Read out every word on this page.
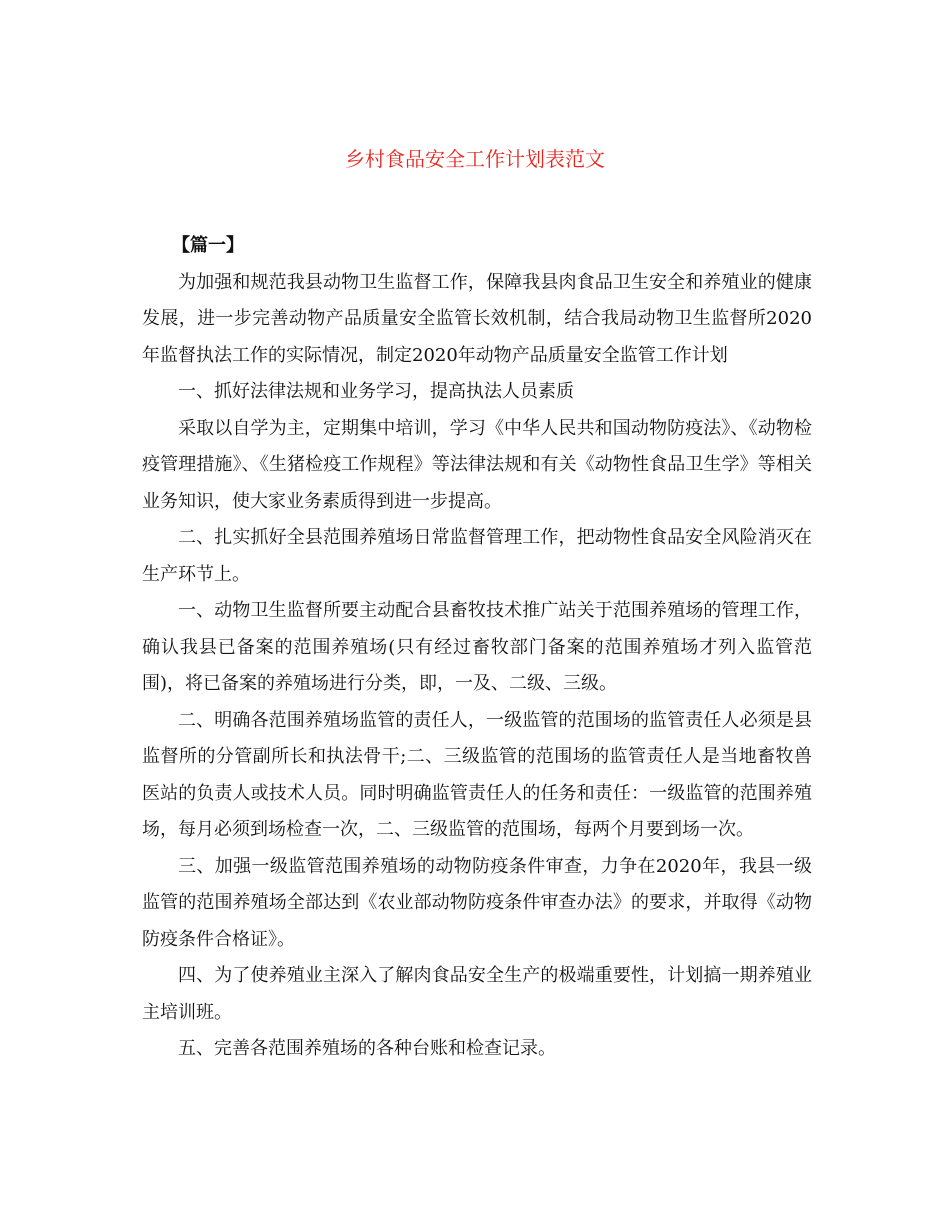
乡村食品安全工作计划表范文

【篇一】

为加强和规范我县动物卫生监督工作，保障我县肉食品卫生安全和养殖业的健康发展，进一步完善动物产品质量安全监管长效机制，结合我局动物卫生监督所2020年监督执法工作的实际情况，制定2020年动物产品质量安全监管工作计划

一、抓好法律法规和业务学习，提高执法人员素质

采取以自学为主，定期集中培训，学习《中华人民共和国动物防疫法》、《动物检疫管理措施》、《生猪检疫工作规程》等法律法规和有关《动物性食品卫生学》等相关业务知识，使大家业务素质得到进一步提高。

二、扎实抓好全县范围养殖场日常监督管理工作，把动物性食品安全风险消灭在生产环节上。

一、动物卫生监督所要主动配合县畜牧技术推广站关于范围养殖场的管理工作，确认我县已备案的范围养殖场(只有经过畜牧部门备案的范围养殖场才列入监管范围)，将已备案的养殖场进行分类，即，一及、二级、三级。

二、明确各范围养殖场监管的责任人，一级监管的范围场的监管责任人必须是县监督所的分管副所长和执法骨干;二、三级监管的范围场的监管责任人是当地畜牧兽医站的负责人或技术人员。同时明确监管责任人的任务和责任：一级监管的范围养殖场，每月必须到场检查一次，二、三级监管的范围场，每两个月要到场一次。

三、加强一级监管范围养殖场的动物防疫条件审查，力争在2020年，我县一级监管的范围养殖场全部达到《农业部动物防疫条件审查办法》的要求，并取得《动物防疫条件合格证》。

四、为了使养殖业主深入了解肉食品安全生产的极端重要性，计划搞一期养殖业主培训班。

五、完善各范围养殖场的各种台账和检查记录。
